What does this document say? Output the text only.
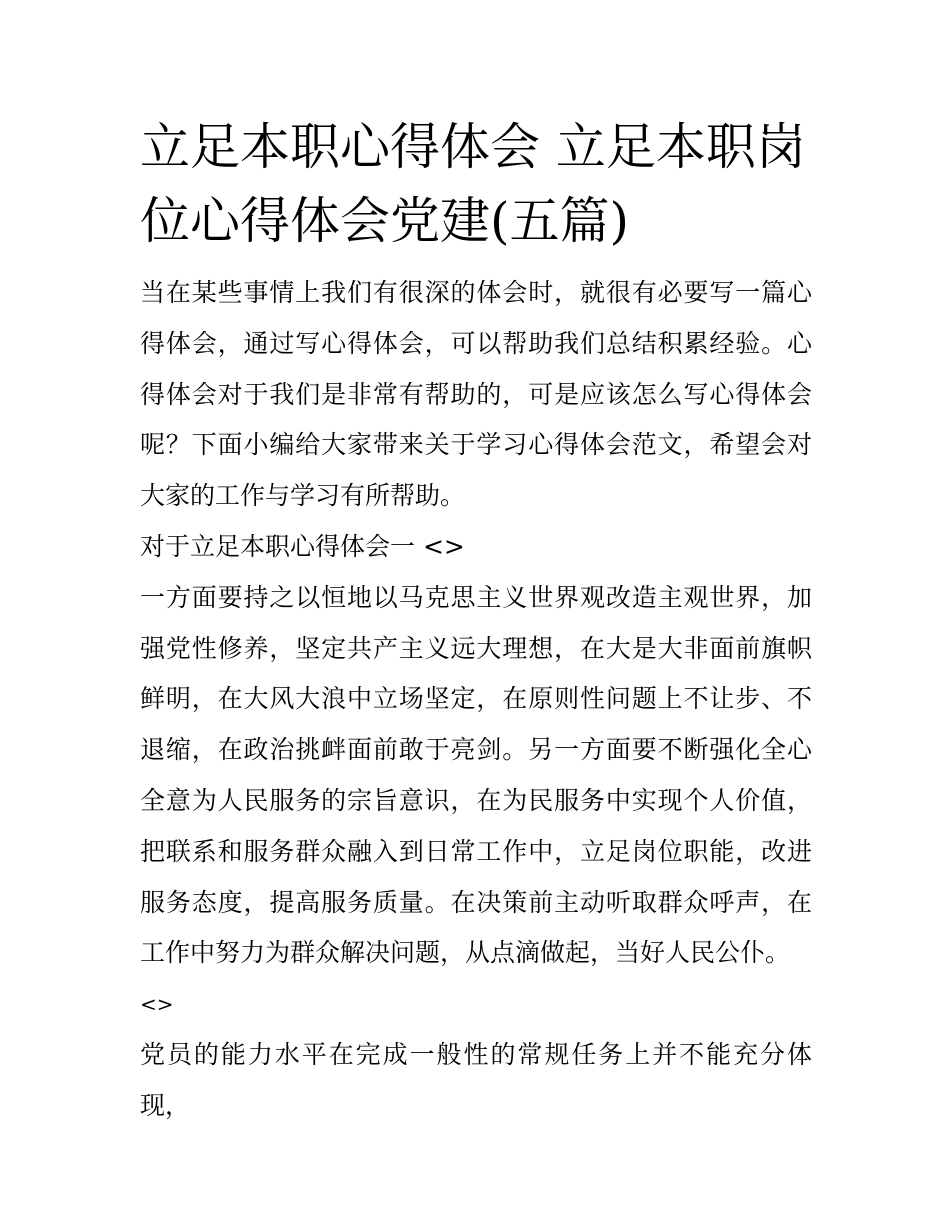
立足本职心得体会 立足本职岗位心得体会党建(五篇)

当在某些事情上我们有很深的体会时，就很有必要写一篇心得体会，通过写心得体会，可以帮助我们总结积累经验。心得体会对于我们是非常有帮助的，可是应该怎么写心得体会呢？下面小编给大家带来关于学习心得体会范文，希望会对大家的工作与学习有所帮助。

对于立足本职心得体会一 <>

一方面要持之以恒地以马克思主义世界观改造主观世界，加强党性修养，坚定共产主义远大理想，在大是大非面前旗帜鲜明，在大风大浪中立场坚定，在原则性问题上不让步、不退缩，在政治挑衅面前敢于亮剑。另一方面要不断强化全心全意为人民服务的宗旨意识，在为民服务中实现个人价值，把联系和服务群众融入到日常工作中，立足岗位职能，改进服务态度，提高服务质量。在决策前主动听取群众呼声，在工作中努力为群众解决问题，从点滴做起，当好人民公仆。

<>

党员的能力水平在完成一般性的常规任务上并不能充分体现，
